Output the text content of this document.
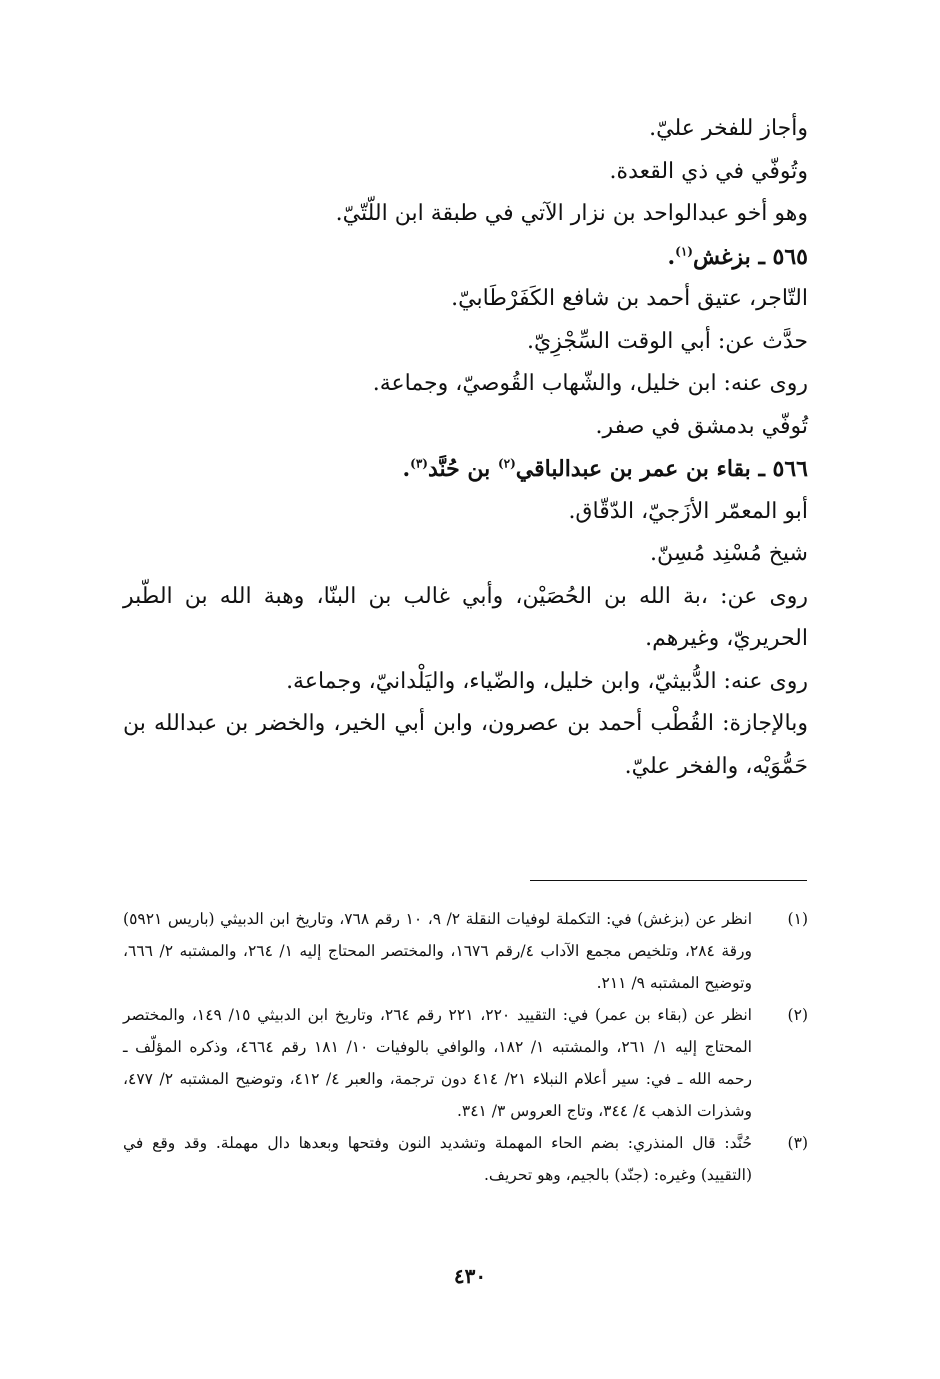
وأجاز للفخر عليّ.

وتُوفّي في ذي القعدة.

وهو أخو عبدالواحد بن نزار الآتي في طبقة ابن اللّتّيّ.

٥٦٥ ـ بزغش$^{(١)}$.

التّاجر، عتيق أحمد بن شافع الكَفَرْطَابيّ.

حدَّث عن: أبي الوقت السِّجْزِيّ.

روى عنه: ابن خليل، والشّهاب القُوصيّ، وجماعة.

تُوفّي بدمشق في صفر.

٥٦٦ ـ بقاء بن عمر بن عبدالباقي$^{(٢)}$ بن حُنَّد$^{(٣)}$.

أبو المعمّر الأزَجيّ، الدّقّاق.

شيخ مُسْنِد مُسِنّ.

روى عن: ،بة الله بن الحُصَيْن، وأبي غالب بن البنّا، وهبة الله بن الطّبر الحريريّ، وغيرهم.

روى عنه: الدُّبيثيّ، وابن خليل، والضّياء، واليَلْدانيّ، وجماعة.

وبالإجازة: القُطْب أحمد بن عصرون، وابن أبي الخير، والخضر بن عبدالله بن حَمُّوَيْه، والفخر عليّ.

(١)

انظر عن (بزغش) في: التكملة لوفيات النقلة ٢/ ٩، ١٠ رقم ٧٦٨، وتاريخ ابن الدبيثي (باريس ٥٩٢١) ورقة ٢٨٤، وتلخيص مجمع الآداب ٤/رقم ١٦٧٦، والمختصر المحتاج إليه ١/ ٢٦٤، والمشتبه ٢/ ٦٦٦، وتوضيح المشتبه ٩/ ٢١١.

(٢)

انظر عن (بقاء بن عمر) في: التقييد ٢٢٠، ٢٢١ رقم ٢٦٤، وتاريخ ابن الدبيثي ١٥/ ١٤٩، والمختصر المحتاج إليه ١/ ٢٦١، والمشتبه ١/ ١٨٢، والوافي بالوفيات ١٠/ ١٨١ رقم ٤٦٦٤، وذكره المؤلّف ـ رحمه الله ـ في: سير أعلام النبلاء ٢١/ ٤١٤ دون ترجمة، والعبر ٤/ ٤١٢، وتوضيح المشتبه ٢/ ٤٧٧، وشذرات الذهب ٤/ ٣٤٤، وتاج العروس ٣/ ٣٤١.

(٣)

حُنَّد: قال المنذري: بضم الحاء المهملة وتشديد النون وفتحها وبعدها دال مهملة. وقد وقع في (التقييد) وغيره: (جنّد) بالجيم، وهو تحريف.

٤٣٠
